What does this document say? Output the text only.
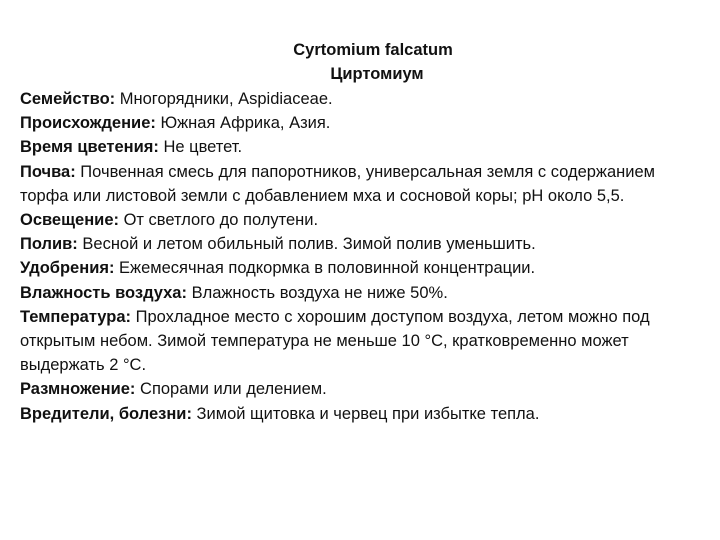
Cyrtomium falcatum
Циртомиум

Семейство: Многорядники, Aspidiaceae.

Происхождение: Южная Африка, Азия.

Время цветения: Не цветет.

Почва: Почвенная смесь для папоротников, универсальная земля с содержанием торфа или листовой земли с добавлением мха и сосновой коры; pH около 5,5.

Освещение: От светлого до полутени.

Полив: Весной и летом обильный полив. Зимой полив уменьшить.

Удобрения: Ежемесячная подкормка в половинной концентрации.

Влажность воздуха: Влажность воздуха не ниже 50%.

Температура: Прохладное место с хорошим доступом воздуха, летом можно под открытым небом. Зимой температура не меньше 10 °С, кратковременно может выдержать 2 °С.

Размножение: Спорами или делением.

Вредители, болезни: Зимой щитовка и червец при избытке тепла.
